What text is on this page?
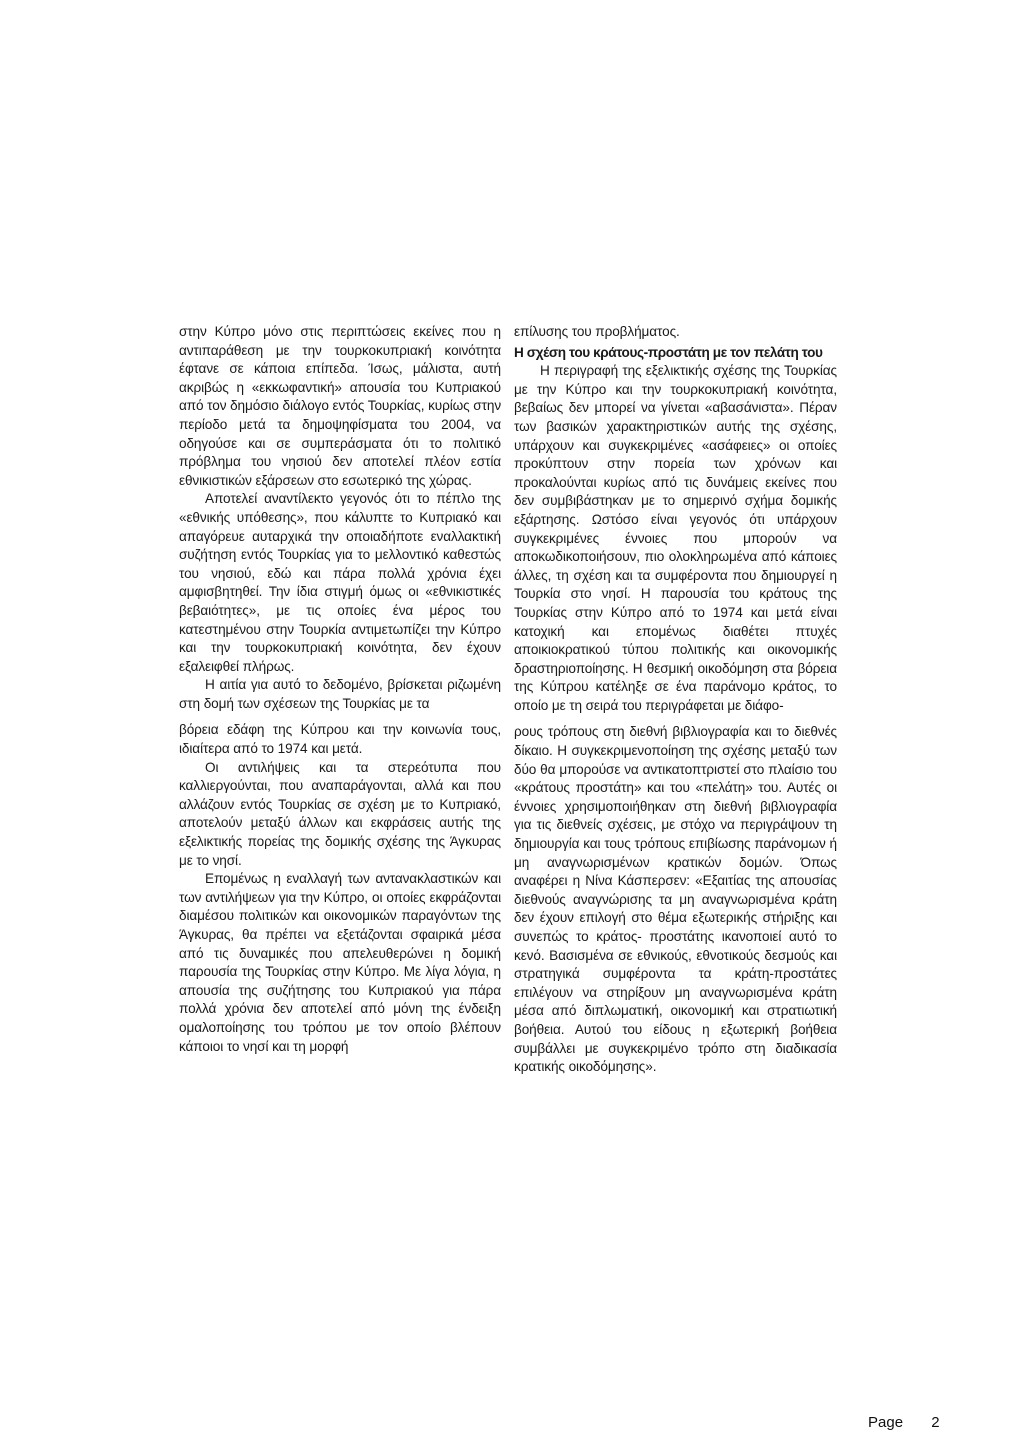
στην Κύπρο μόνο στις περιπτώσεις εκείνες που η αντιπαράθεση με την τουρκοκυπριακή κοινότητα έφτανε σε κάποια επίπεδα. Ίσως, μάλιστα, αυτή ακριβώς η «εκκωφαντική» απουσία του Κυπριακού από τον δημόσιο διάλογο εντός Τουρκίας, κυρίως στην περίοδο μετά τα δημοψηφίσματα του 2004, να οδηγούσε και σε συμπεράσματα ότι το πολιτικό πρόβλημα του νησιού δεν αποτελεί πλέον εστία εθνικιστικών εξάρσεων στο εσωτερικό της χώρας.

Αποτελεί αναντίλεκτο γεγονός ότι το πέπλο της «εθνικής υπόθεσης», που κάλυπτε το Κυπριακό και απαγόρευε αυταρχικά την οποιαδήποτε εναλλακτική συζήτηση εντός Τουρκίας για το μελλοντικό καθεστώς του νησιού, εδώ και πάρα πολλά χρόνια έχει αμφισβητηθεί. Την ίδια στιγμή όμως οι «εθνικιστικές βεβαιότητες», με τις οποίες ένα μέρος του κατεστημένου στην Τουρκία αντιμετωπίζει την Κύπρο και την τουρκοκυπριακή κοινότητα, δεν έχουν εξαλειφθεί πλήρως.

Η αιτία για αυτό το δεδομένο, βρίσκεται ριζωμένη στη δομή των σχέσεων της Τουρκίας με τα

βόρεια εδάφη της Κύπρου και την κοινωνία τους, ιδιαίτερα από το 1974 και μετά.

Οι αντιλήψεις και τα στερεότυπα που καλλιεργούνται, που αναπαράγονται, αλλά και που αλλάζουν εντός Τουρκίας σε σχέση με το Κυπριακό, αποτελούν μεταξύ άλλων και εκφράσεις αυτής της εξελικτικής πορείας της δομικής σχέσης της Άγκυρας με το νησί.

Επομένως η εναλλαγή των αντανακλαστικών και των αντιλήψεων για την Κύπρο, οι οποίες εκφράζονται διαμέσου πολιτικών και οικονομικών παραγόντων της Άγκυρας, θα πρέπει να εξετάζονται σφαιρικά μέσα από τις δυναμικές που απελευθερώνει η δομική παρουσία της Τουρκίας στην Κύπρο. Με λίγα λόγια, η απουσία της συζήτησης του Κυπριακού για πάρα πολλά χρόνια δεν αποτελεί από μόνη της ένδειξη ομαλοποίησης του τρόπου με τον οποίο βλέπουν κάποιοι το νησί και τη μορφή

επίλυσης του προβλήματος.

Η σχέση του κράτους-προστάτη με τον πελάτη του

Η περιγραφή της εξελικτικής σχέσης της Τουρκίας με την Κύπρο και την τουρκοκυπριακή κοινότητα, βεβαίως δεν μπορεί να γίνεται «αβασάνιστα». Πέραν των βασικών χαρακτηριστικών αυτής της σχέσης, υπάρχουν και συγκεκριμένες «ασάφειες» οι οποίες προκύπτουν στην πορεία των χρόνων και προκαλούνται κυρίως από τις δυνάμεις εκείνες που δεν συμβιβάστηκαν με το σημερινό σχήμα δομικής εξάρτησης. Ωστόσο είναι γεγονός ότι υπάρχουν συγκεκριμένες έννοιες που μπορούν να αποκωδικοποιήσουν, πιο ολοκληρωμένα από κάποιες άλλες, τη σχέση και τα συμφέροντα που δημιουργεί η Τουρκία στο νησί. Η παρουσία του κράτους της Τουρκίας στην Κύπρο από το 1974 και μετά είναι κατοχική και επομένως διαθέτει πτυχές αποικιοκρατικού τύπου πολιτικής και οικονομικής δραστηριοποίησης. Η θεσμική οικοδόμηση στα βόρεια της Κύπρου κατέληξε σε ένα παράνομο κράτος, το οποίο με τη σειρά του περιγράφεται με διάφο-

ρους τρόπους στη διεθνή βιβλιογραφία και το διεθνές δίκαιο. Η συγκεκριμενοποίηση της σχέσης μεταξύ των δύο θα μπορούσε να αντικατοπτριστεί στο πλαίσιο του «κράτους προστάτη» και του «πελάτη» του. Αυτές οι έννοιες χρησιμοποιήθηκαν στη διεθνή βιβλιογραφία για τις διεθνείς σχέσεις, με στόχο να περιγράψουν τη δημιουργία και τους τρόπους επιβίωσης παράνομων ή μη αναγνωρισμένων κρατικών δομών. Όπως αναφέρει η Νίνα Κάσπερσεν: «Εξαιτίας της απουσίας διεθνούς αναγνώρισης τα μη αναγνωρισμένα κράτη δεν έχουν επιλογή στο θέμα εξωτερικής στήριξης και συνεπώς το κράτος- προστάτης ικανοποιεί αυτό το κενό. Βασισμένα σε εθνικούς, εθνοτικούς δεσμούς και στρατηγικά συμφέροντα τα κράτη-προστάτες επιλέγουν να στηρίξουν μη αναγνωρισμένα κράτη μέσα από διπλωματική, οικονομική και στρατιωτική βοήθεια. Αυτού του είδους η εξωτερική βοήθεια συμβάλλει με συγκεκριμένο τρόπο στη διαδικασία κρατικής οικοδόμησης».

Page 2
